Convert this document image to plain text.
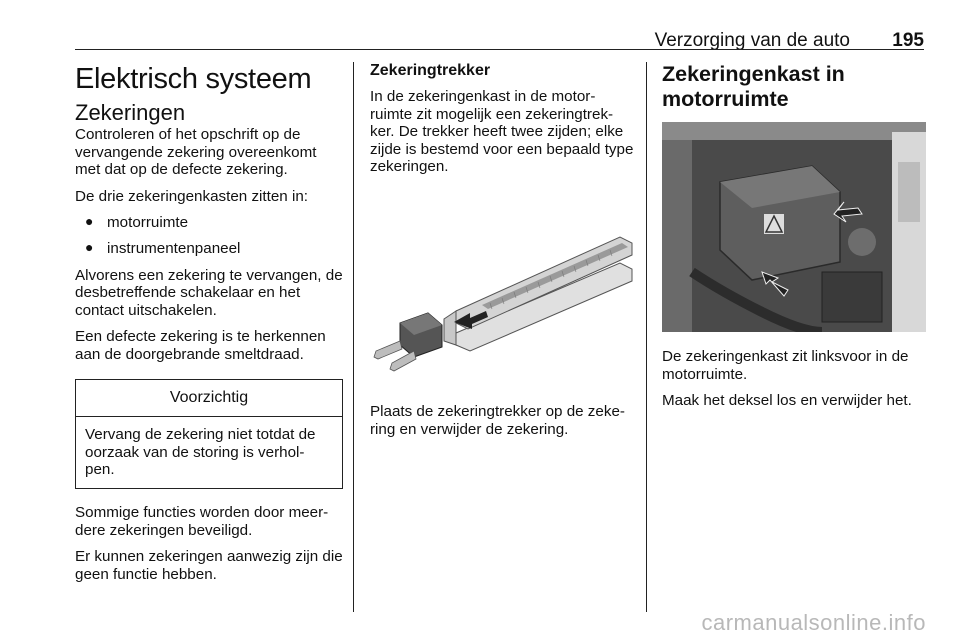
Verzorging van de auto 195
Elektrisch systeem
Zekeringen

Controleren of het opschrift op de vervangende zekering overeenkomt met dat op de defecte zekering.

De drie zekeringenkasten zitten in:

● motorruimte
● instrumentenpaneel

Alvorens een zekering te vervangen, de desbetreffende schakelaar en het contact uitschakelen.

Een defecte zekering is te herkennen aan de doorgebrande smeltdraad.

Voorzichtig
Vervang de zekering niet totdat de oorzaak van de storing is verhol-pen.

Sommige functies worden door meer-dere zekeringen beveiligd.

Er kunnen zekeringen aanwezig zijn die geen functie hebben.

Zekeringtrekker

In de zekeringenkast in de motor-ruimte zit mogelijk een zekeringtrek-ker. De trekker heeft twee zijden; elke zijde is bestemd voor een bepaald type zekeringen.

Plaats de zekeringtrekker op de zeke-ring en verwijder de zekering.

Zekeringenkast in motorruimte

De zekeringenkast zit linksvoor in de motorruimte.

Maak het deksel los en verwijder het.

carmanualsonline.info
